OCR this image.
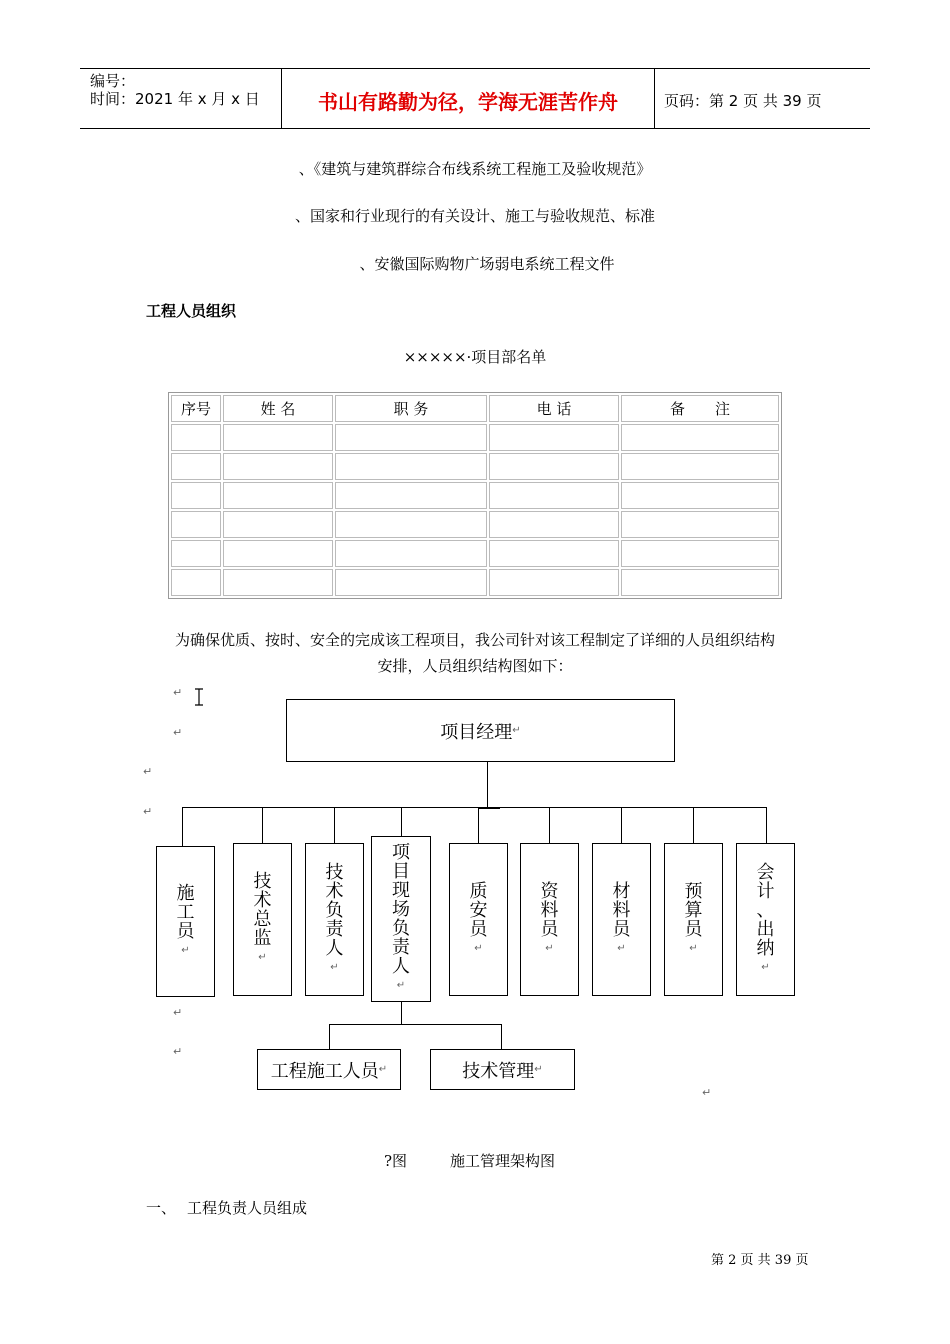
编号：
时间：2021 年 x 月 x 日	书山有路勤为径，学海无涯苦作舟	页码：第 2 页 共 39 页
、《建筑与建筑群综合布线系统工程施工及验收规范》
、国家和行业现行的有关设计、施工与验收规范、标准
、安徽国际购物广场弱电系统工程文件
工程人员组织
×××××·项目部名单
序号	姓 名	职 务	电 话	备　　注

为确保优质、按时、安全的完成该工程项目，我公司针对该工程制定了详细的人员组织结构
安排，人员组织结构图如下：
↵
↵
↵
↵
↵
↵
↵
项目经理 ↵
施
工
员
↵
技
术
总
监
↵
技
术
负
责
人
↵
项
目
现
场
负
责
人
↵
质
安
员
↵
资
料
员
↵
材
料
员
↵
预
算
员
↵
会
计
、
出
纳
↵
工程施工人员 ↵	技术管理 ↵
?图	施工管理架构图
一、 工程负责人员组成
第 2 页 共 39 页
